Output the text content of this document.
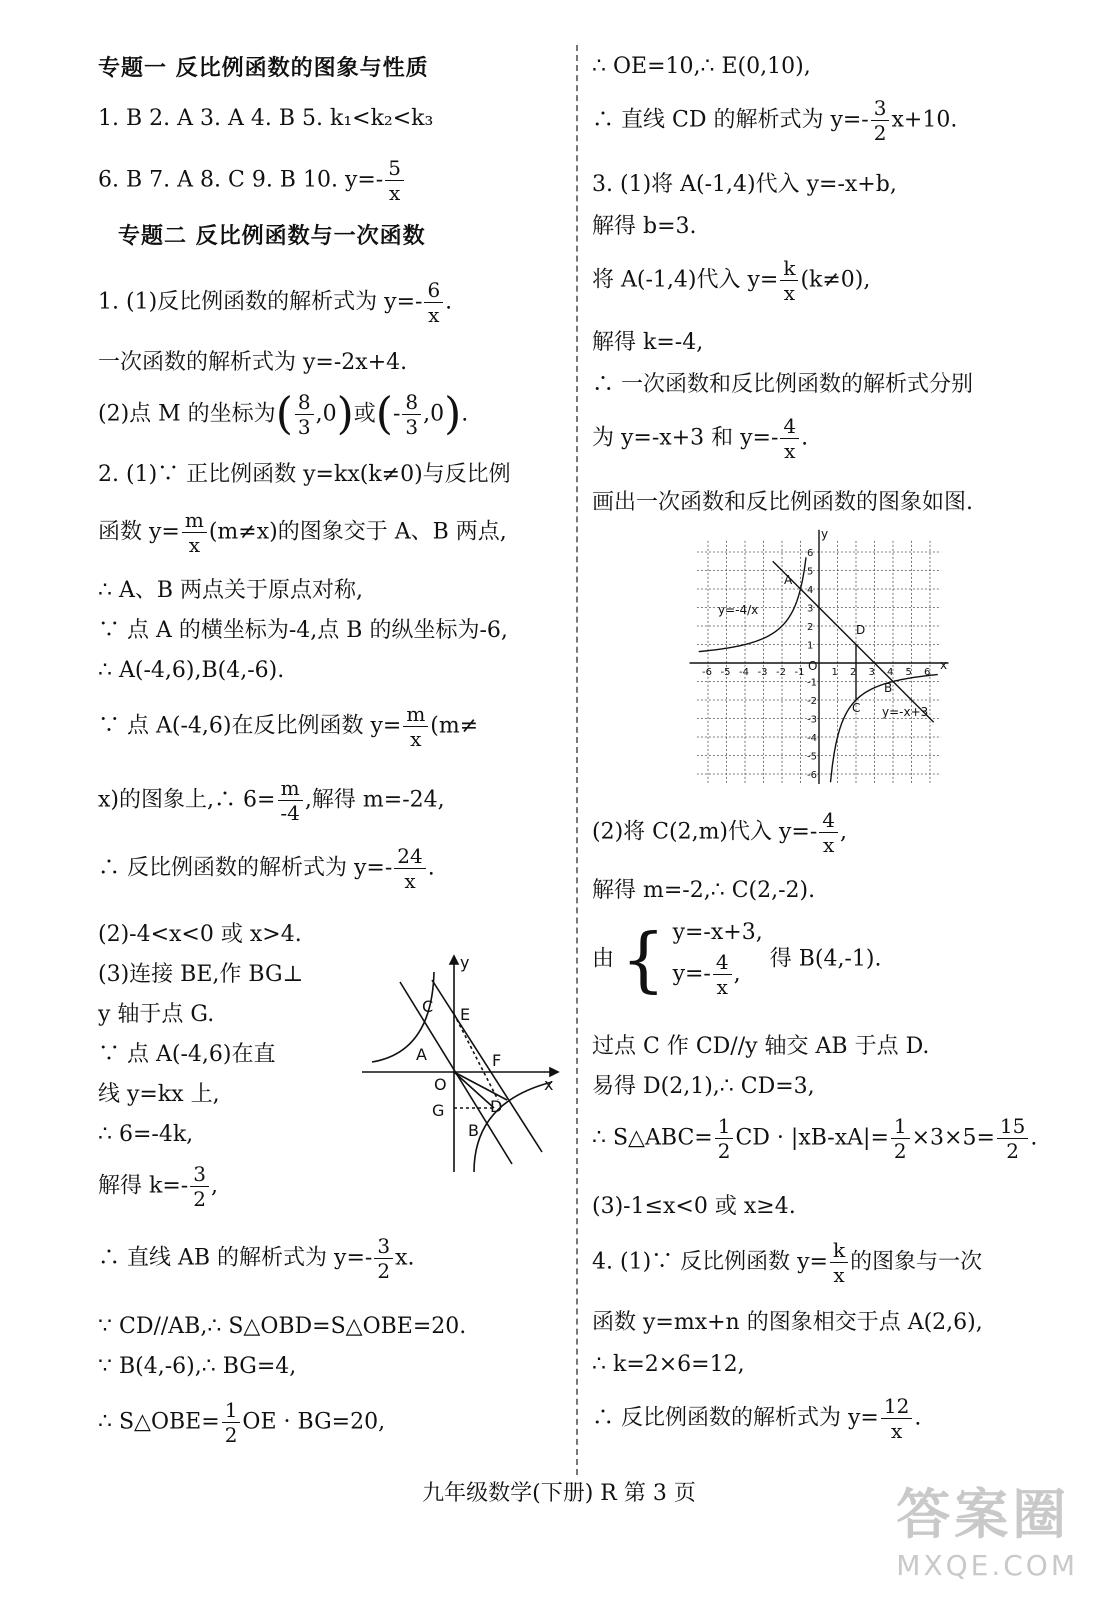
专题一 反比例函数的图象与性质
1. B 2. A 3. A 4. B 5. k₁<k₂<k₃
6. B 7. A 8. C 9. B 10. $y=- \frac{5}{x}$
专题二 反比例函数与一次函数
1. (1)反比例函数的解析式为 $y=- \frac{6}{x}$ .
一次函数的解析式为 y=-2x+4.
(2)点 M 的坐标为( $\frac{8}{3} ,0$)或(- $\frac{8}{3} ,0$).
2. (1)∵ 正比例函数 y=kx(k≠0)与反比例
函数 $y= \frac{m}{x} (m\ne x)$的图象交于 A、B 两点,
∴ A、B 两点关于原点对称,
∵ 点 A 的横坐标为-4,点 B 的纵坐标为-6,
∴ A(-4,6),B(4,-6).
∵ 点 A(-4,6)在反比例函数 $y= \frac{m}{x} (m\ne$
x)的图象上,∴ $6= \frac{m}{-4}$ ,解得 m=-24,
∴ 反比例函数的解析式为 $y=- \frac{24}{x}$ .
(2)-4<x<0 或 x>4.
(3)连接 BE,作 BG⊥
y 轴于点 G.
∵ 点 A(-4,6)在直
线 y=kx 上,
∴ 6=-4k,
解得 $k=- \frac{3}{2}$ ,
∴ 直线 AB 的解析式为 $y=- \frac{3}{2} x$.
∵ CD//AB,∴ S△OBD=S△OBE=20.
∵ B(4,-6),∴ BG=4,
∴ S△OBE= $\frac{1}{2}$ OE · BG=20,
y
C E
A	F
O	x
G	D
B
∴ OE=10,∴ E(0,10),
∴ 直线 CD 的解析式为 $y=- \frac{3}{2} x+10$.
3. (1)将 A(-1,4)代入 y=-x+b,
解得 b=3.
将 A(-1,4)代入 $y= \frac{k}{x} (k\ne 0)$,
解得 k=-4,
∴ 一次函数和反比例函数的解析式分别
为 y=-x+3 和 $y=- \frac{4}{x}$ .
画出一次函数和反比例函数的图象如图.
(2)将 C(2,m)代入 $y=- \frac{4}{x}$ ,
解得 m=-2,∴ C(2,-2).
由 { y=-x+3,
$y=- \frac{4}{x}$ ,
得 B(4,-1).
过点 C 作 CD//y 轴交 AB 于点 D.
易得 D(2,1),∴ CD=3,
∴ S△ABC= $\frac{1}{2}$ CD · $|xB-xA|= \frac{1}{2} \times 3\times 5= \frac{15}{2}$ .
(3)-1≤x<0 或 x≥4.
4. (1)∵ 反比例函数 $y= \frac{k}{x}$ 的图象与一次
函数 y=mx+n 的图象相交于点 A(2,6),
∴ k=2×6=12,
∴ 反比例函数的解析式为 $y= \frac{12}{x}$ .
-6 -5 -4 -3 -2 -1	1 2 3 4 5 6
6
5
4
3
2
1
-1
-2
-3
-4
-5
-6
y
x
O
A
B
C
D
y=-4/x
y=-x+3
九年级数学(下册) R 第 3 页	答案圈
MXQE.COM
